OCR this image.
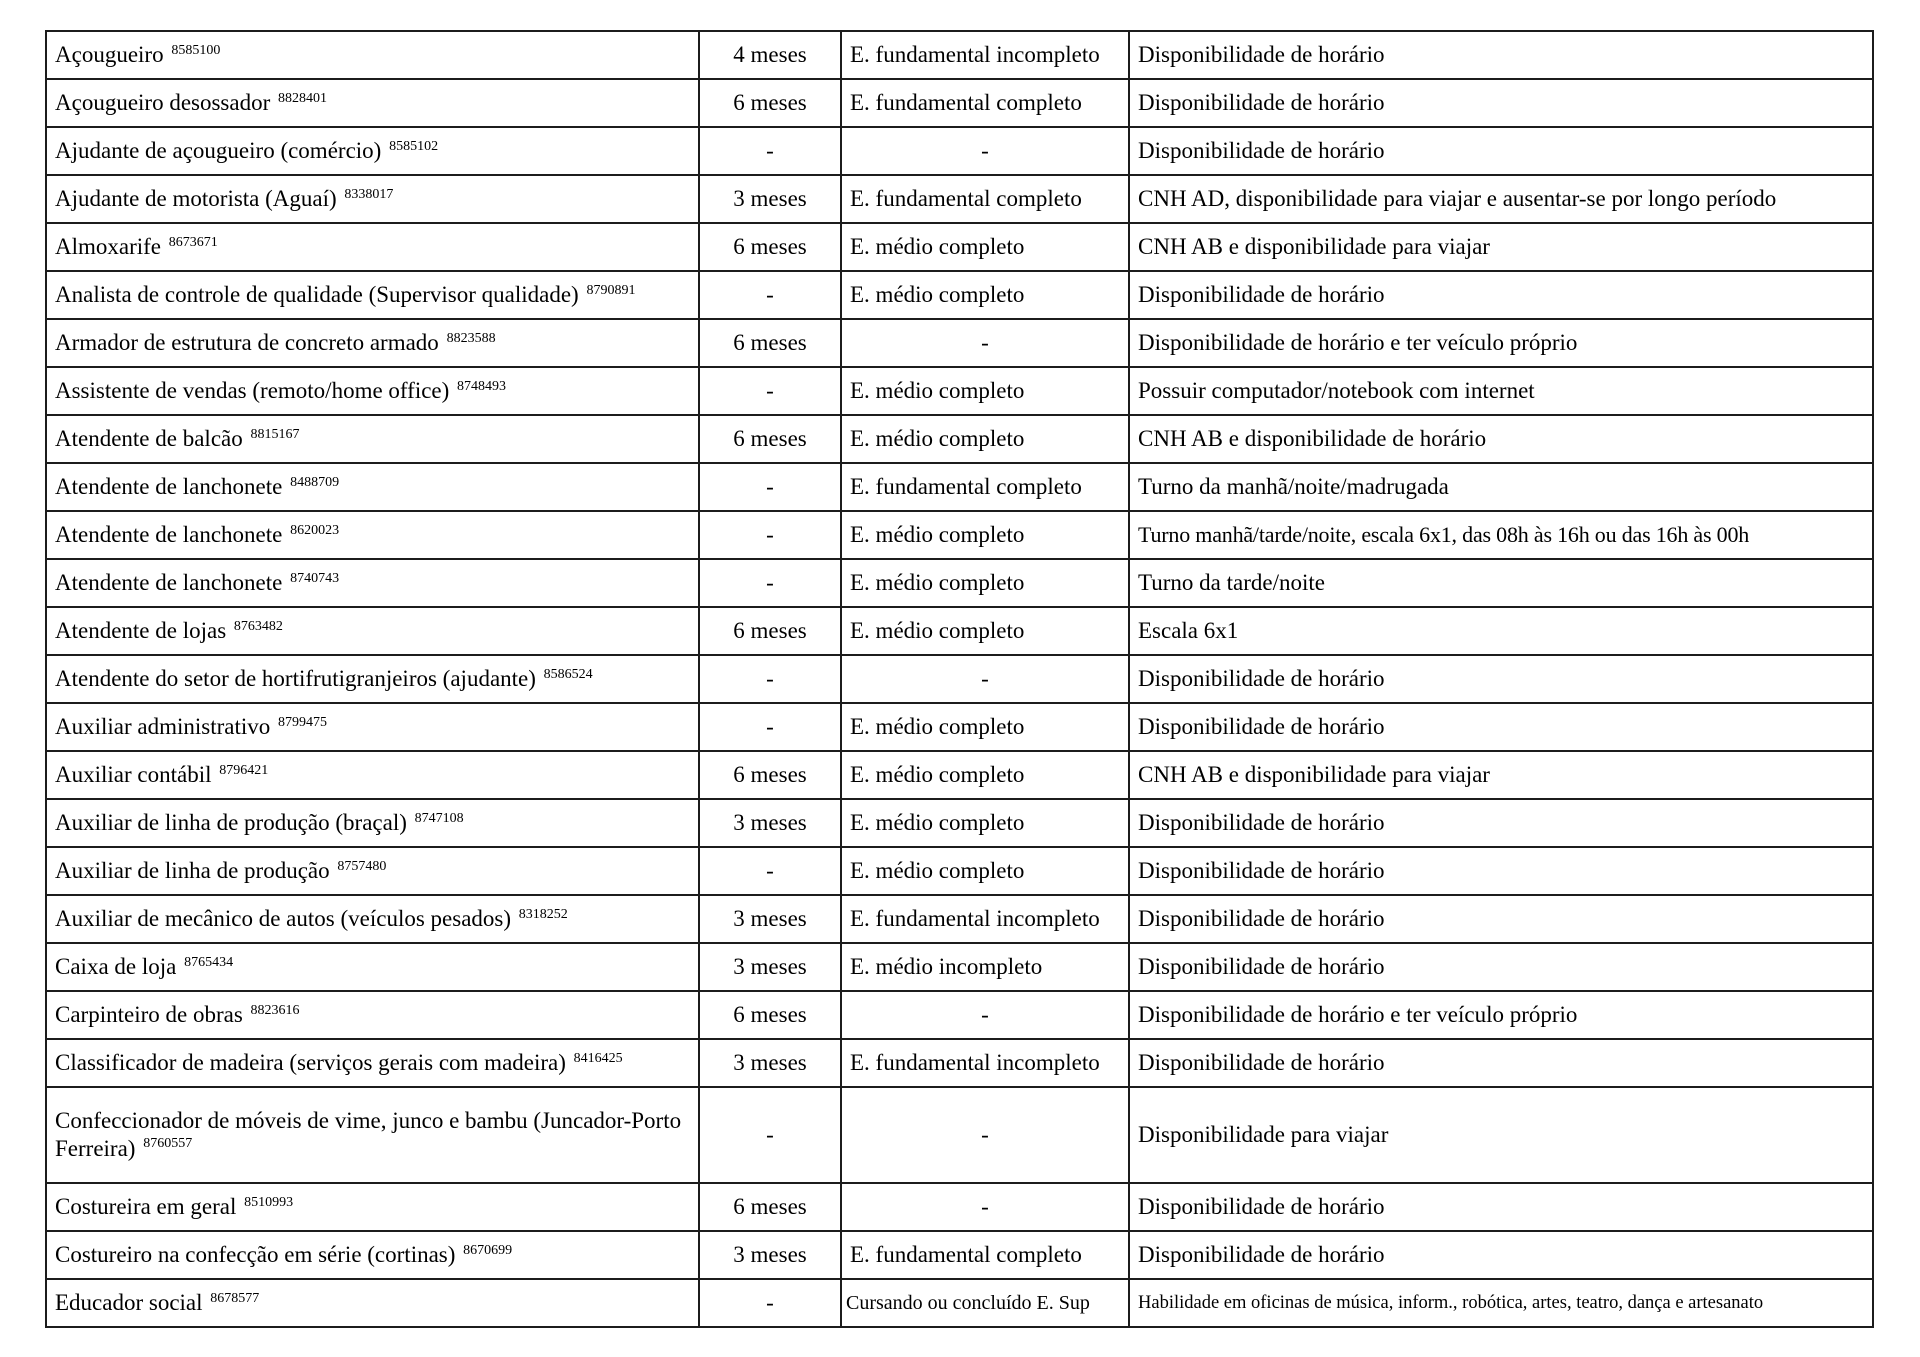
Açougueiro $^{8585100}$	4 meses	E. fundamental incompleto	Disponibilidade de horário
Açougueiro desossador $^{8828401}$	6 meses	E. fundamental completo	Disponibilidade de horário
Ajudante de açougueiro (comércio) $^{8585102}$	-	-	Disponibilidade de horário
Ajudante de motorista (Aguaí) $^{8338017}$	3 meses	E. fundamental completo	CNH AD, disponibilidade para viajar e ausentar-se por longo período
Almoxarife $^{8673671}$	6 meses	E. médio completo	CNH AB e disponibilidade para viajar
Analista de controle de qualidade (Supervisor qualidade) $^{8790891}$	-	E. médio completo	Disponibilidade de horário
Armador de estrutura de concreto armado $^{8823588}$	6 meses	-	Disponibilidade de horário e ter veículo próprio
Assistente de vendas (remoto/home office) $^{8748493}$	-	E. médio completo	Possuir computador/notebook com internet
Atendente de balcão $^{8815167}$	6 meses	E. médio completo	CNH AB e disponibilidade de horário
Atendente de lanchonete $^{8488709}$	-	E. fundamental completo	Turno da manhã/noite/madrugada
Atendente de lanchonete $^{8620023}$	-	E. médio completo	Turno manhã/tarde/noite, escala 6x1, das 08h às 16h ou das 16h às 00h
Atendente de lanchonete $^{8740743}$	-	E. médio completo	Turno da tarde/noite
Atendente de lojas $^{8763482}$	6 meses	E. médio completo	Escala 6x1
Atendente do setor de hortifrutigranjeiros (ajudante) $^{8586524}$	-	-	Disponibilidade de horário
Auxiliar administrativo $^{8799475}$	-	E. médio completo	Disponibilidade de horário
Auxiliar contábil $^{8796421}$	6 meses	E. médio completo	CNH AB e disponibilidade para viajar
Auxiliar de linha de produção (braçal) $^{8747108}$	3 meses	E. médio completo	Disponibilidade de horário
Auxiliar de linha de produção $^{8757480}$	-	E. médio completo	Disponibilidade de horário
Auxiliar de mecânico de autos (veículos pesados) $^{8318252}$	3 meses	E. fundamental incompleto	Disponibilidade de horário
Caixa de loja $^{8765434}$	3 meses	E. médio incompleto	Disponibilidade de horário
Carpinteiro de obras $^{8823616}$	6 meses	-	Disponibilidade de horário e ter veículo próprio
Classificador de madeira (serviços gerais com madeira) $^{8416425}$	3 meses	E. fundamental incompleto	Disponibilidade de horário
Confeccionador de móveis de vime, junco e bambu (Juncador-Porto Ferreira) $^{8760557}$	-	-	Disponibilidade para viajar
Costureira em geral $^{8510993}$	6 meses	-	Disponibilidade de horário
Costureiro na confecção em série (cortinas) $^{8670699}$	3 meses	E. fundamental completo	Disponibilidade de horário
Educador social $^{8678577}$	-	Cursando ou concluído E. Sup	Habilidade em oficinas de música, inform., robótica, artes, teatro, dança e artesanato
